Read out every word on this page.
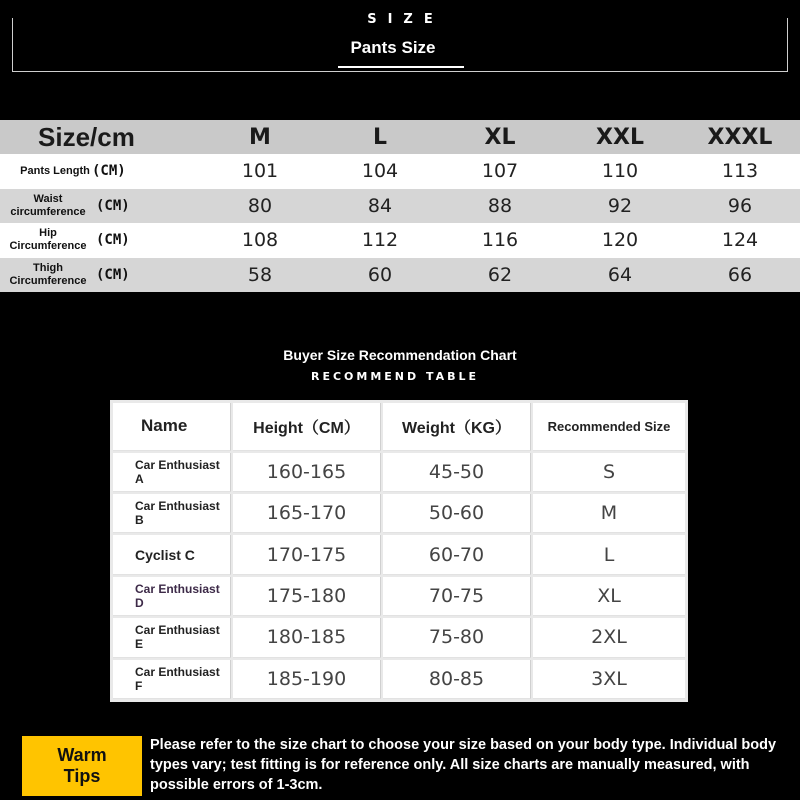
SIZE
Pants Size
Size/cm	M	L	XL	XXL	XXXL
Pants Length (CM)	101	104	107	110	113
Waist circumference (CM)	80	84	88	92	96
Hip Circumference (CM)	108	112	116	120	124
Thigh Circumference (CM)	58	60	62	64	66
Buyer Size Recommendation Chart
RECOMMEND TABLE
Name	Height（CM）	Weight（KG）	Recommended Size
Car Enthusiast A	160-165	45-50	S
Car Enthusiast B	165-170	50-60	M
Cyclist C	170-175	60-70	L
Car Enthusiast D	175-180	70-75	XL
Car Enthusiast E	180-185	75-80	2XL
Car Enthusiast F	185-190	80-85	3XL
Warm Tips
Please refer to the size chart to choose your size based on your body type. Individual body types vary; test fitting is for reference only. All size charts are manually measured, with possible errors of 1-3cm.
